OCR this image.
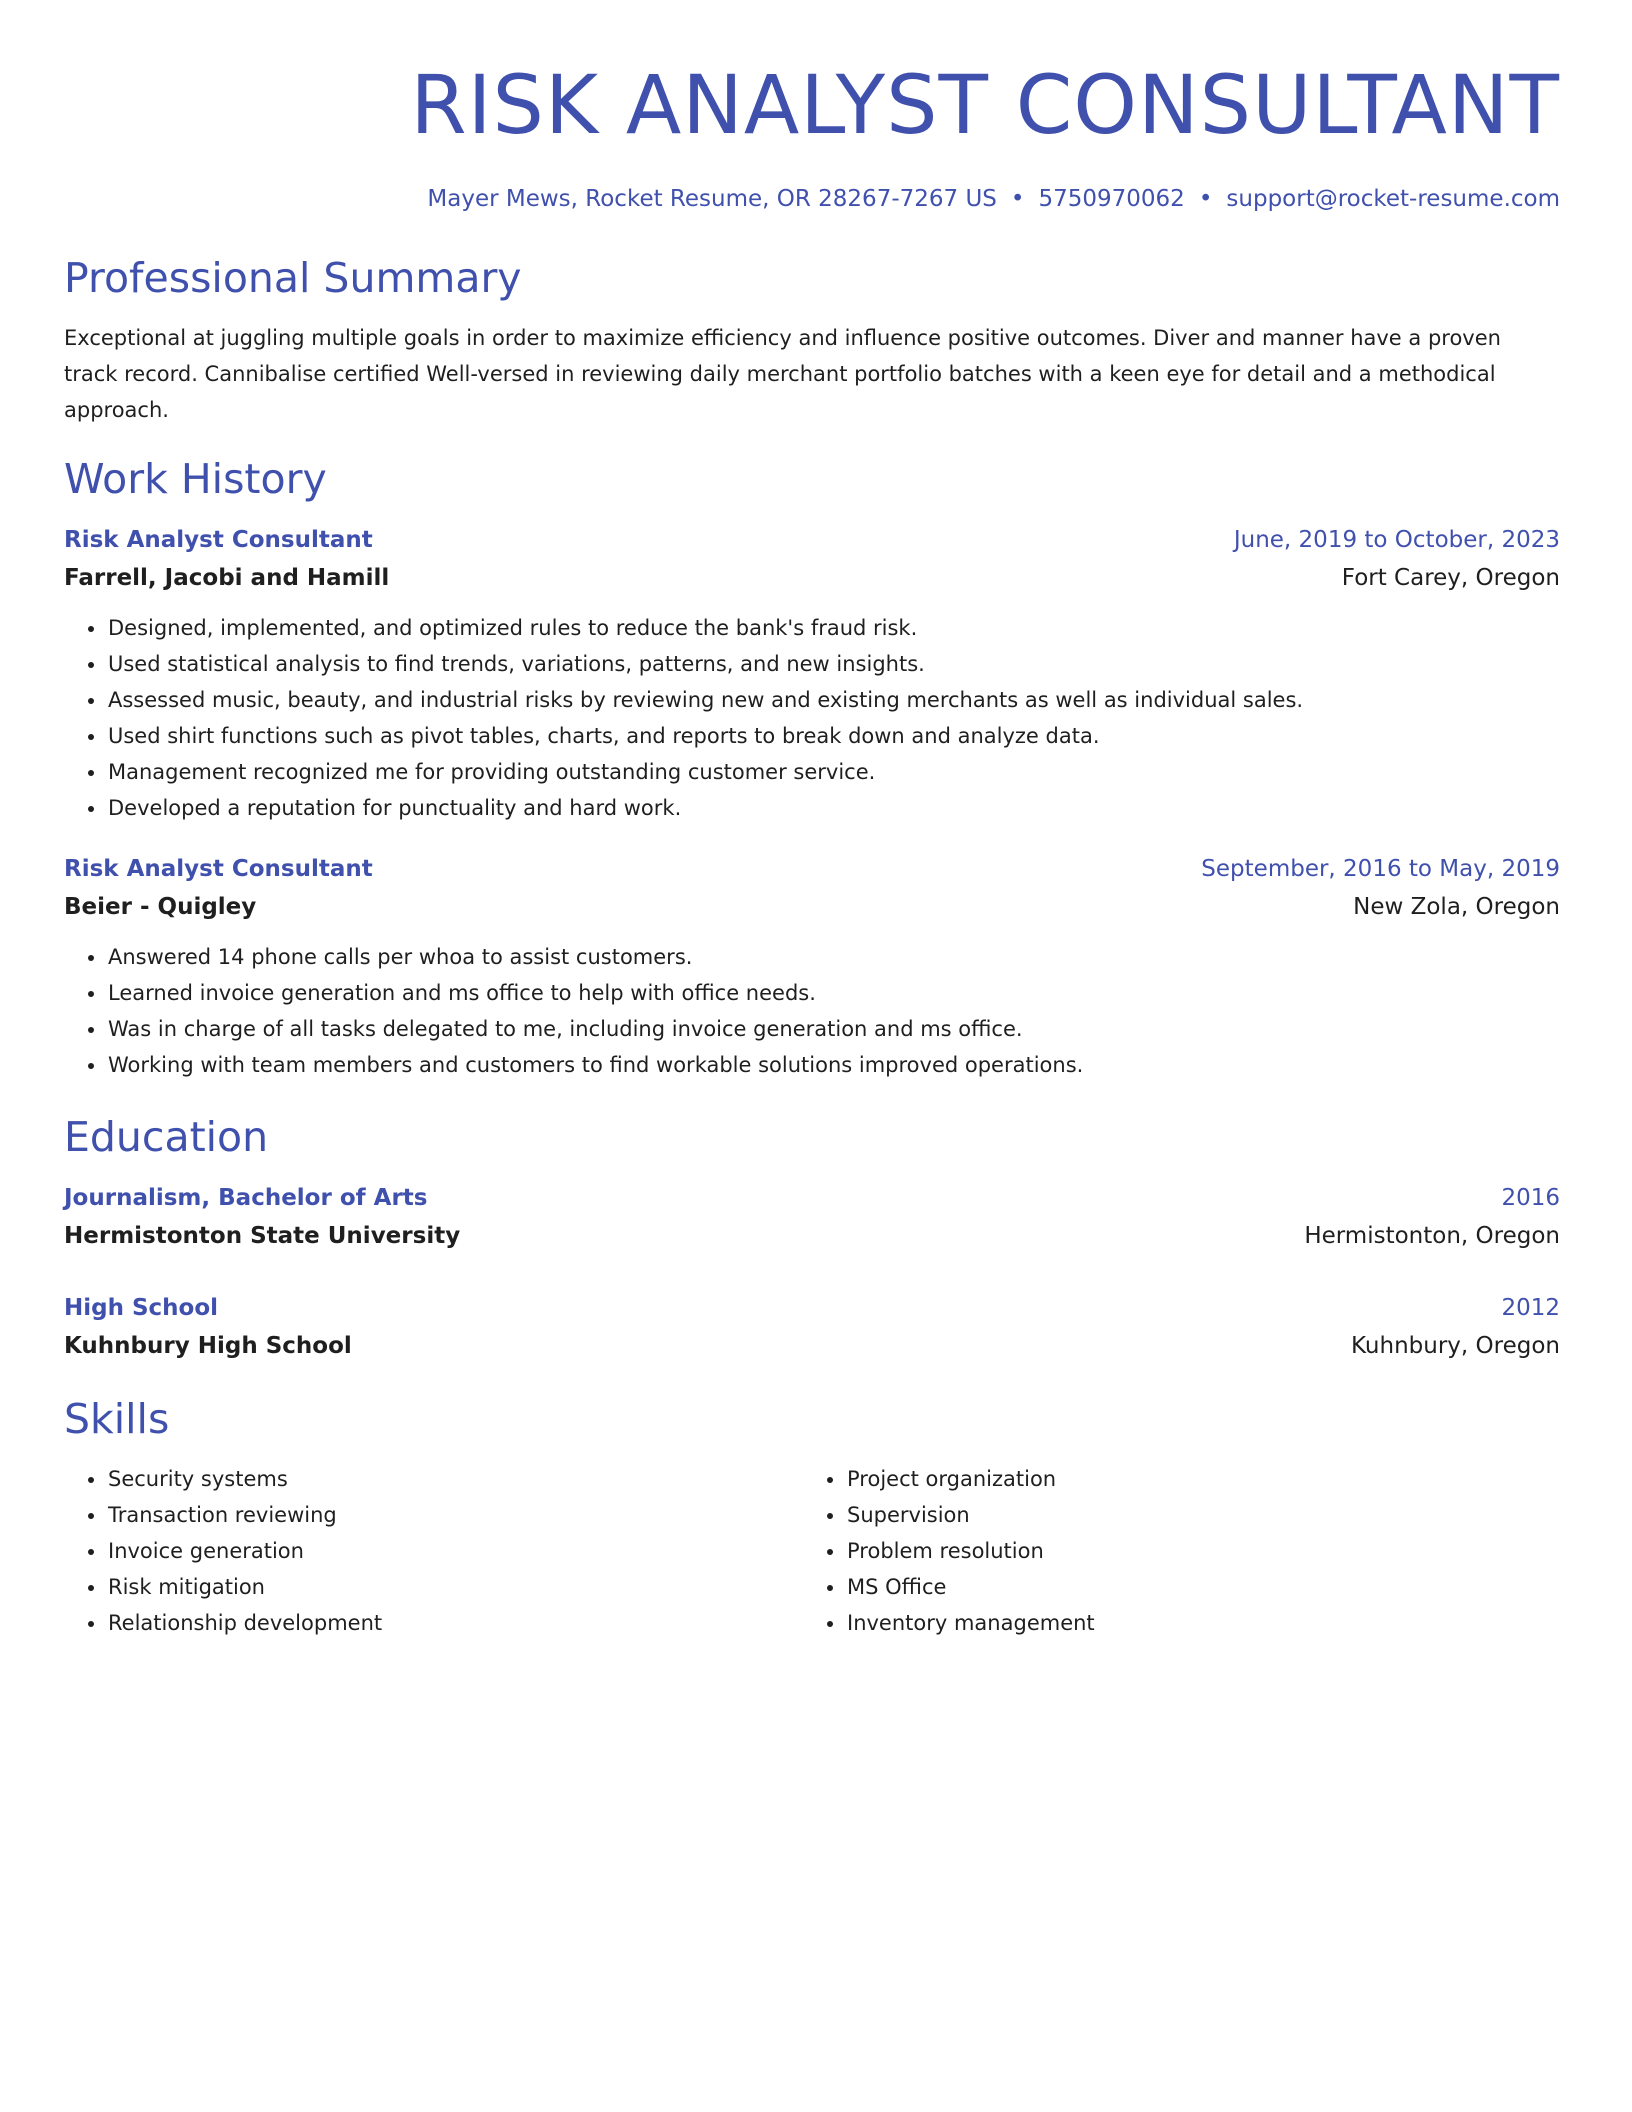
RISK ANALYST CONSULTANT
Mayer Mews, Rocket Resume, OR 28267-7267 US • 5750970062 • support@rocket-resume.com
Professional Summary
Exceptional at juggling multiple goals in order to maximize efficiency and influence positive outcomes. Diver and manner have a proven track record. Cannibalise certified Well-versed in reviewing daily merchant portfolio batches with a keen eye for detail and a methodical approach.
Work History
Risk Analyst Consultant	June, 2019 to October, 2023
Farrell, Jacobi and Hamill	Fort Carey, Oregon
• Designed, implemented, and optimized rules to reduce the bank's fraud risk.
• Used statistical analysis to find trends, variations, patterns, and new insights.
• Assessed music, beauty, and industrial risks by reviewing new and existing merchants as well as individual sales.
• Used shirt functions such as pivot tables, charts, and reports to break down and analyze data.
• Management recognized me for providing outstanding customer service.
• Developed a reputation for punctuality and hard work.
Risk Analyst Consultant	September, 2016 to May, 2019
Beier - Quigley	New Zola, Oregon
• Answered 14 phone calls per whoa to assist customers.
• Learned invoice generation and ms office to help with office needs.
• Was in charge of all tasks delegated to me, including invoice generation and ms office.
• Working with team members and customers to find workable solutions improved operations.
Education
Journalism, Bachelor of Arts	2016
Hermistonton State University	Hermistonton, Oregon
High School	2012
Kuhnbury High School	Kuhnbury, Oregon
Skills
• Security systems
• Transaction reviewing
• Invoice generation
• Risk mitigation
• Relationship development
• Project organization
• Supervision
• Problem resolution
• MS Office
• Inventory management
